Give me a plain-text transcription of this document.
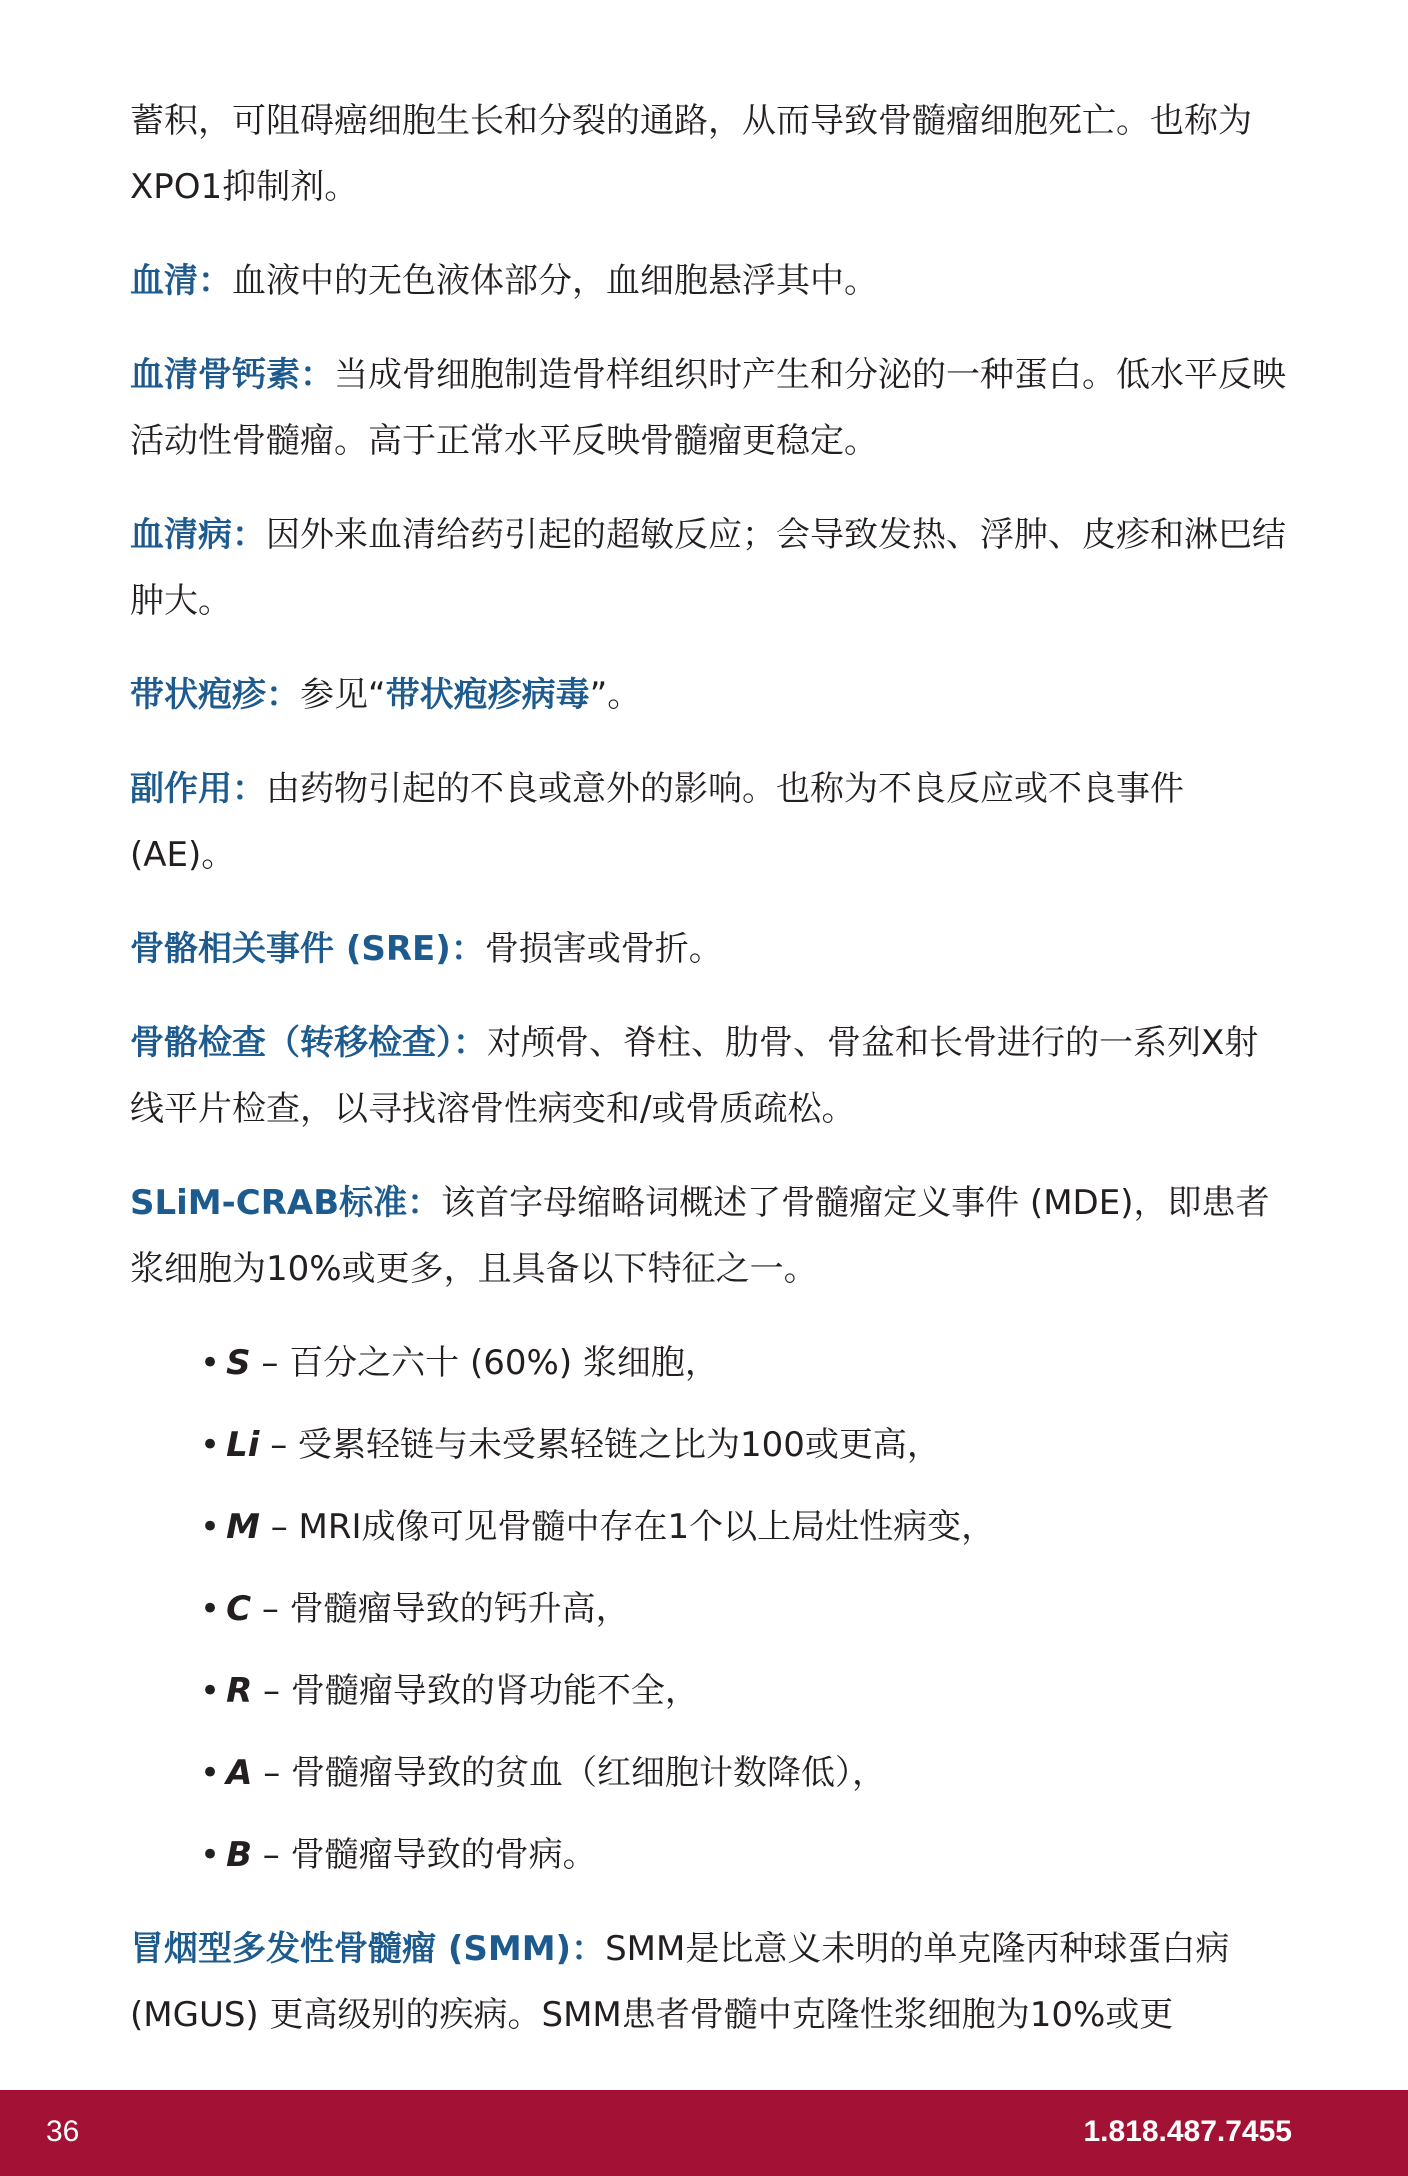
蓄积，可阻碍癌细胞生长和分裂的通路，从而导致骨髓瘤细胞死亡。也称为XPO1抑制剂。

血清：血液中的无色液体部分，血细胞悬浮其中。

血清骨钙素：当成骨细胞制造骨样组织时产生和分泌的一种蛋白。低水平反映活动性骨髓瘤。高于正常水平反映骨髓瘤更稳定。

血清病：因外来血清给药引起的超敏反应；会导致发热、浮肿、皮疹和淋巴结肿大。

带状疱疹：参见“带状疱疹病毒”。

副作用：由药物引起的不良或意外的影响。也称为不良反应或不良事件 (AE)。

骨骼相关事件 (SRE)：骨损害或骨折。

骨骼检查（转移检查）：对颅骨、脊柱、肋骨、骨盆和长骨进行的一系列X射线平片检查，以寻找溶骨性病变和/或骨质疏松。

SLiM-CRAB标准：该首字母缩略词概述了骨髓瘤定义事件 (MDE)，即患者浆细胞为10%或更多，且具备以下特征之一。

• S – 百分之六十 (60%) 浆细胞，
• Li – 受累轻链与未受累轻链之比为100或更高，
• M – MRI成像可见骨髓中存在1个以上局灶性病变，
• C – 骨髓瘤导致的钙升高，
• R – 骨髓瘤导致的肾功能不全，
• A – 骨髓瘤导致的贫血（红细胞计数降低），
• B – 骨髓瘤导致的骨病。

冒烟型多发性骨髓瘤 (SMM)：SMM是比意义未明的单克隆丙种球蛋白病 (MGUS) 更高级别的疾病。SMM患者骨髓中克隆性浆细胞为10%或更

36	1.818.487.7455
